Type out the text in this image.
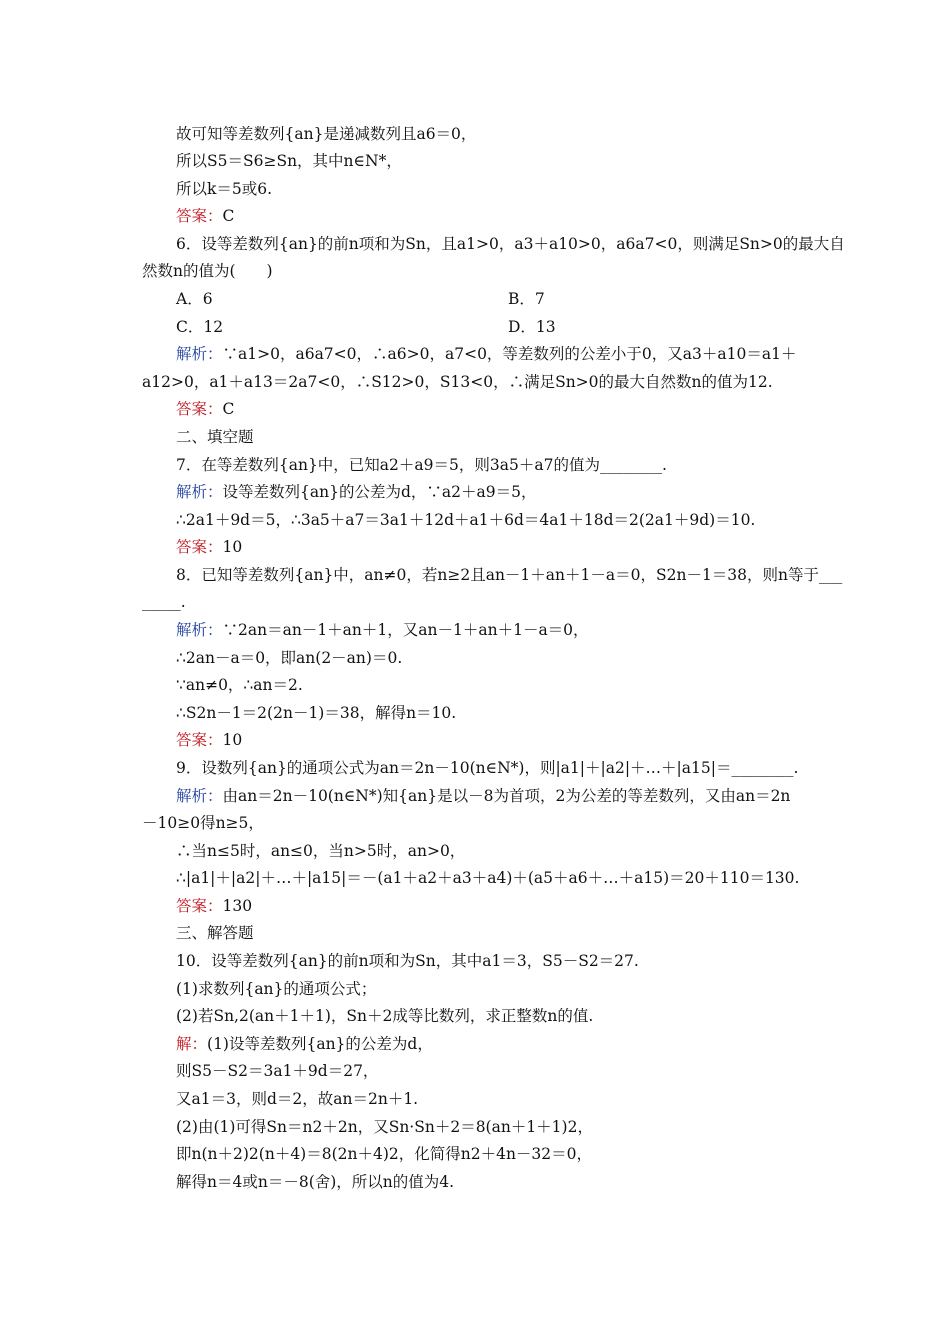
故可知等差数列{an}是递减数列且a6＝0，
所以S5＝S6≥Sn，其中n∈N*，
所以k＝5或6.
答案：C
6．设等差数列{an}的前n项和为Sn，且a1>0，a3＋a10>0，a6a7<0，则满足Sn>0的最大自
然数n的值为(　　)
A．6	B．7
C．12	D．13
解析：∵a1>0，a6a7<0，∴a6>0，a7<0，等差数列的公差小于0，又a3＋a10＝a1＋
a12>0，a1＋a13＝2a7<0，∴S12>0，S13<0，∴满足Sn>0的最大自然数n的值为12.
答案：C
二、填空题
7．在等差数列{an}中，已知a2＋a9＝5，则3a5＋a7的值为________.
解析：设等差数列{an}的公差为d，∵a2＋a9＝5，
∴2a1＋9d＝5，∴3a5＋a7＝3a1＋12d＋a1＋6d＝4a1＋18d＝2(2a1＋9d)＝10.
答案：10
8．已知等差数列{an}中，an≠0，若n≥2且an－1＋an＋1－a＝0，S2n－1＝38，则n等于___
_____.
解析：∵2an＝an－1＋an＋1，又an－1＋an＋1－a＝0，
∴2an－a＝0，即an(2－an)＝0.
∵an≠0，∴an＝2.
∴S2n－1＝2(2n－1)＝38，解得n＝10.
答案：10
9．设数列{an}的通项公式为an＝2n－10(n∈N*)，则|a1|＋|a2|＋…＋|a15|＝________.
解析：由an＝2n－10(n∈N*)知{an}是以－8为首项，2为公差的等差数列，又由an＝2n
－10≥0得n≥5，
∴当n≤5时，an≤0，当n>5时，an>0，
∴|a1|＋|a2|＋…＋|a15|＝－(a1＋a2＋a3＋a4)＋(a5＋a6＋…＋a15)＝20＋110＝130.
答案：130
三、解答题
10．设等差数列{an}的前n项和为Sn，其中a1＝3，S5－S2＝27.
(1)求数列{an}的通项公式；
(2)若Sn,2(an＋1＋1)，Sn＋2成等比数列，求正整数n的值.
解：(1)设等差数列{an}的公差为d，
则S5－S2＝3a1＋9d＝27，
又a1＝3，则d＝2，故an＝2n＋1.
(2)由(1)可得Sn＝n2＋2n，又Sn·Sn＋2＝8(an＋1＋1)2，
即n(n＋2)2(n＋4)＝8(2n＋4)2，化简得n2＋4n－32＝0，
解得n＝4或n＝－8(舍)，所以n的值为4.
